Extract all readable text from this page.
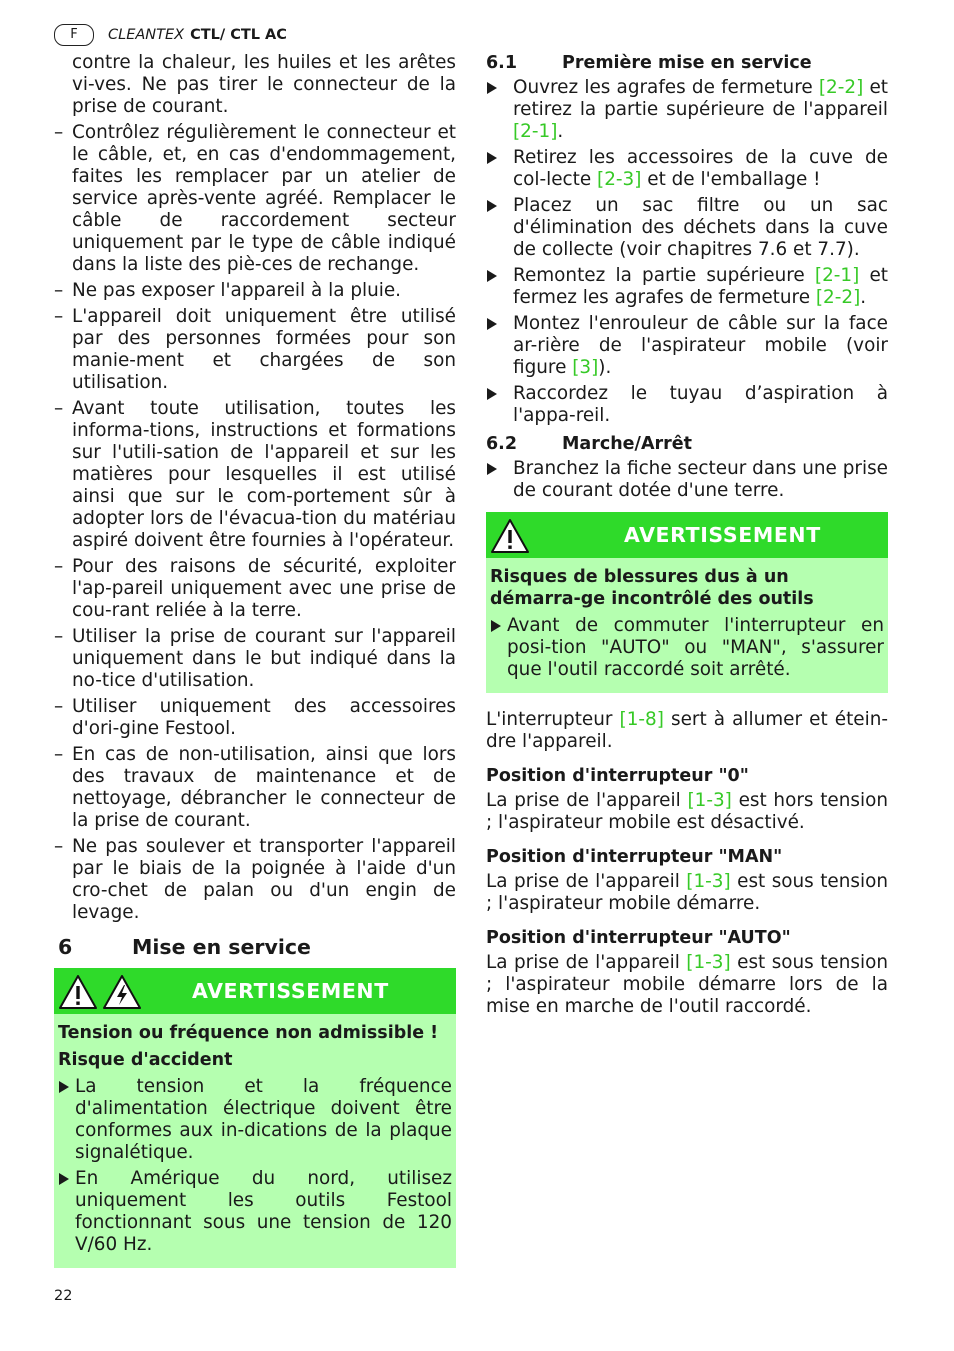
F	CLEANTEX CTL/ CTL AC
contre la chaleur, les huiles et les arêtes vi-ves. Ne pas tirer le connecteur de la prise de courant.
– Contrôlez régulièrement le connecteur et le câble, et, en cas d'endommagement, faites les remplacer par un atelier de service après-vente agréé. Remplacer le câble de raccordement secteur uniquement par le type de câble indiqué dans la liste des piè-ces de rechange.
– Ne pas exposer l'appareil à la pluie.
– L'appareil doit uniquement être utilisé par des personnes formées pour son manie-ment et chargées de son utilisation.
– Avant toute utilisation, toutes les informa-tions, instructions et formations sur l'utili-sation de l'appareil et sur les matières pour lesquelles il est utilisé ainsi que sur le com-portement sûr à adopter lors de l'évacua-tion du matériau aspiré doivent être fournies à l'opérateur.
– Pour des raisons de sécurité, exploiter l'ap-pareil uniquement avec une prise de cou-rant reliée à la terre.
– Utiliser la prise de courant sur l'appareil uniquement dans le but indiqué dans la no-tice d'utilisation.
– Utiliser uniquement des accessoires d'ori-gine Festool.
– En cas de non-utilisation, ainsi que lors des travaux de maintenance et de nettoyage, débrancher le connecteur de la prise de courant.
– Ne pas soulever et transporter l'appareil par le biais de la poignée à l'aide d'un cro-chet de palan ou d'un engin de levage.
6	Mise en service
AVERTISSEMENT
Tension ou fréquence non admissible !
Risque d'accident
La tension et la fréquence d'alimentation électrique doivent être conformes aux in-dications de la plaque signalétique.
En Amérique du nord, utilisez uniquement les outils Festool fonctionnant sous une tension de 120 V/60 Hz.
6.1	Première mise en service
Ouvrez les agrafes de fermeture [2-2] et retirez la partie supérieure de l'appareil [2-1].
Retirez les accessoires de la cuve de col-lecte [2-3] et de l'emballage !
Placez un sac filtre ou un sac d'élimination des déchets dans la cuve de collecte (voir chapitres 7.6 et 7.7).
Remontez la partie supérieure [2-1] et fermez les agrafes de fermeture [2-2].
Montez l'enrouleur de câble sur la face ar-rière de l'aspirateur mobile (voir figure [3]).
Raccordez le tuyau d’aspiration à l'appa-reil.
6.2	Marche/Arrêt
Branchez la fiche secteur dans une prise de courant dotée d'une terre.
AVERTISSEMENT
Risques de blessures dus à un démarra-ge incontrôlé des outils
Avant de commuter l'interrupteur en posi-tion "AUTO" ou "MAN", s'assurer que l'outil raccordé soit arrêté.
L'interrupteur [1-8] sert à allumer et étein-dre l'appareil.
Position d'interrupteur "0"
La prise de l'appareil [1-3] est hors tension ; l'aspirateur mobile est désactivé.
Position d'interrupteur "MAN"
La prise de l'appareil [1-3] est sous tension ; l'aspirateur mobile démarre.
Position d'interrupteur "AUTO"
La prise de l'appareil [1-3] est sous tension ; l'aspirateur mobile démarre lors de la mise en marche de l'outil raccordé.
22
